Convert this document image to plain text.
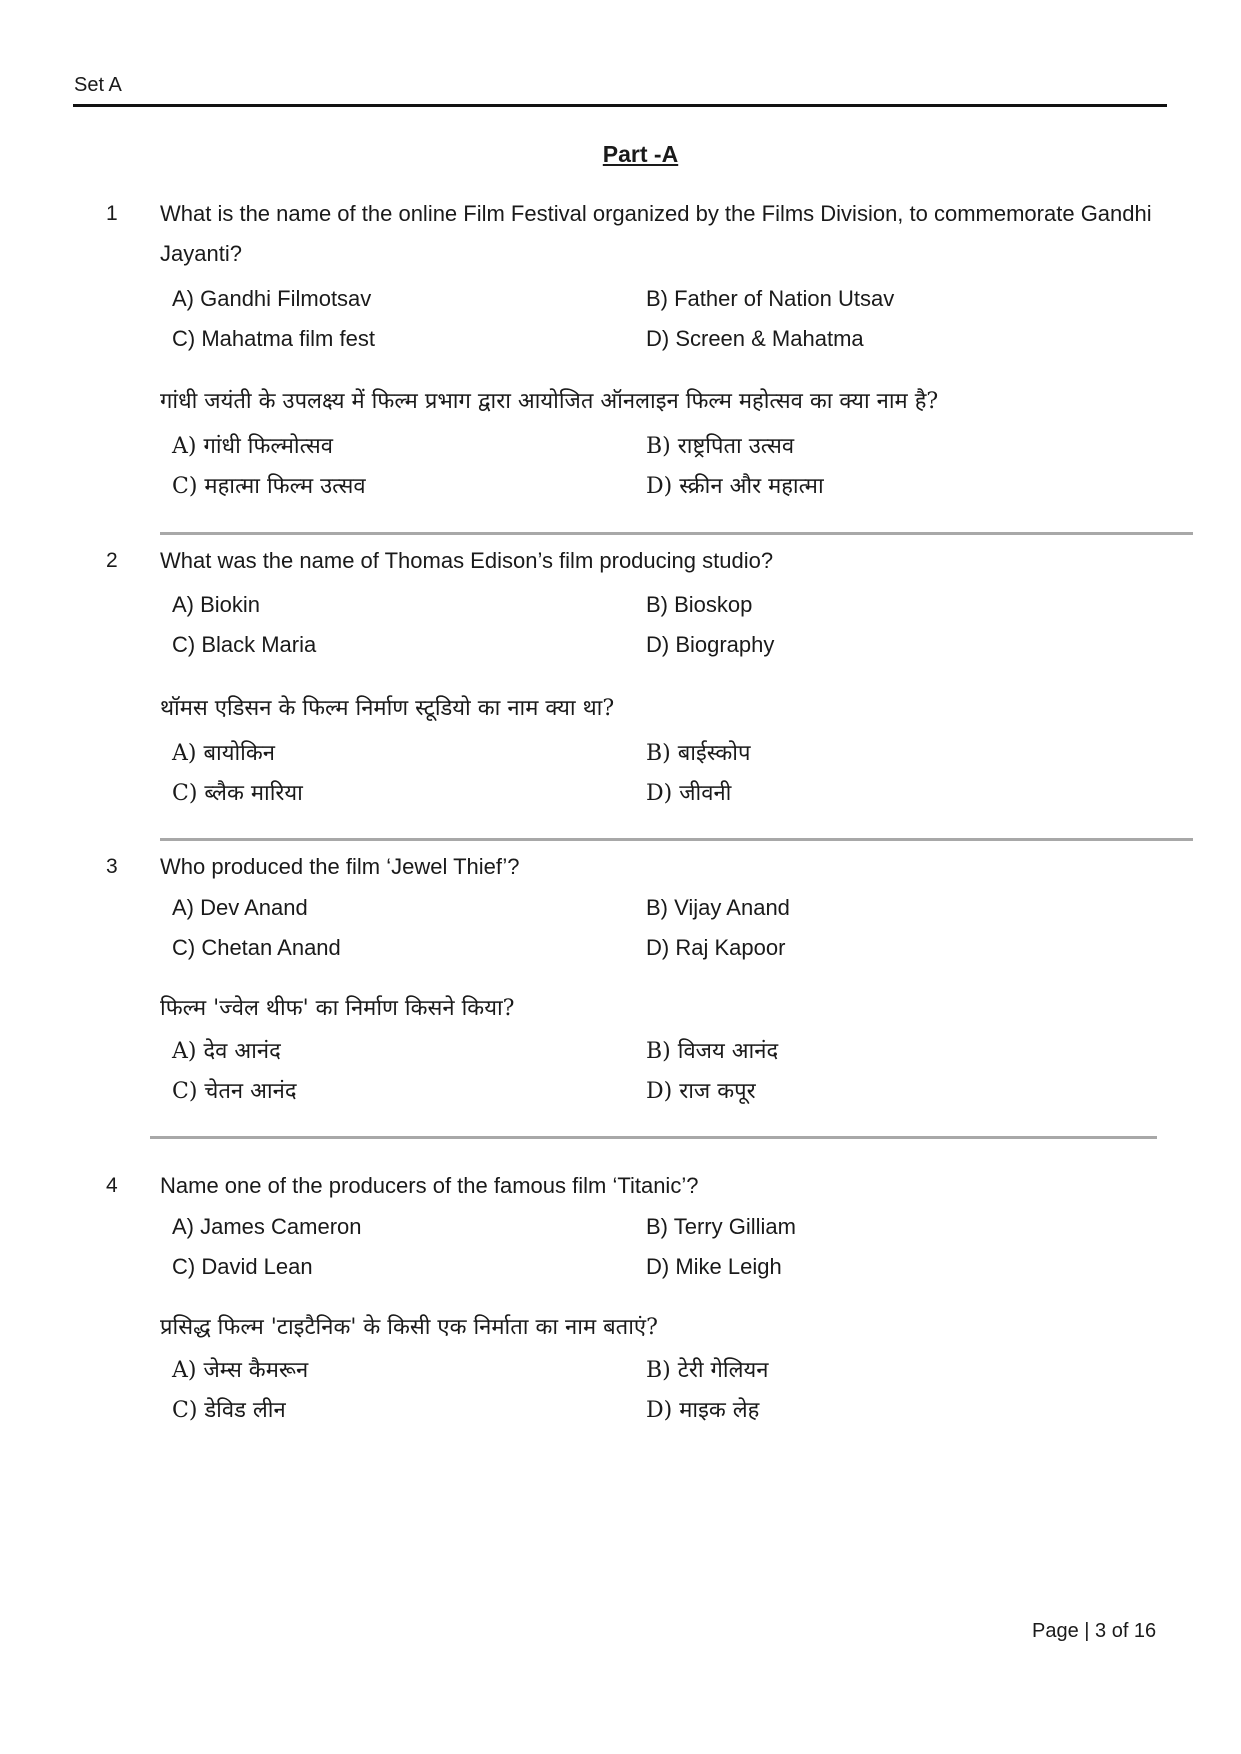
Set A
Part -A
1 What is the name of the online Film Festival organized by the Films Division, to commemorate Gandhi Jayanti?
A) Gandhi Filmotsav	B) Father of Nation Utsav
C) Mahatma film fest	D) Screen & Mahatma
गांधी जयंती के उपलक्ष्य में फिल्म प्रभाग द्वारा आयोजित ऑनलाइन फिल्म महोत्सव का क्या नाम है?
A) गांधी फिल्मोत्सव	B) राष्ट्रपिता उत्सव
C) महात्मा फिल्म उत्सव	D) स्क्रीन और महात्मा
2 What was the name of Thomas Edison’s film producing studio?
A) Biokin	B) Bioskop
C) Black Maria	D) Biography
थॉमस एडिसन के फिल्म निर्माण स्टूडियो का नाम क्या था?
A) बायोकिन	B) बाईस्कोप
C) ब्लैक मारिया	D) जीवनी
3 Who produced the film ‘Jewel Thief’?
A) Dev Anand	B) Vijay Anand
C) Chetan Anand	D) Raj Kapoor
फिल्म 'ज्वेल थीफ' का निर्माण किसने किया?
A) देव आनंद	B) विजय आनंद
C) चेतन आनंद	D) राज कपूर
4 Name one of the producers of the famous film ‘Titanic’?
A) James Cameron	B) Terry Gilliam
C) David Lean	D) Mike Leigh
प्रसिद्ध फिल्म 'टाइटैनिक' के किसी एक निर्माता का नाम बताएं?
A) जेम्स कैमरून	B) टेरी गेलियन
C) डेविड लीन	D) माइक लेह
Page | 3 of 16
